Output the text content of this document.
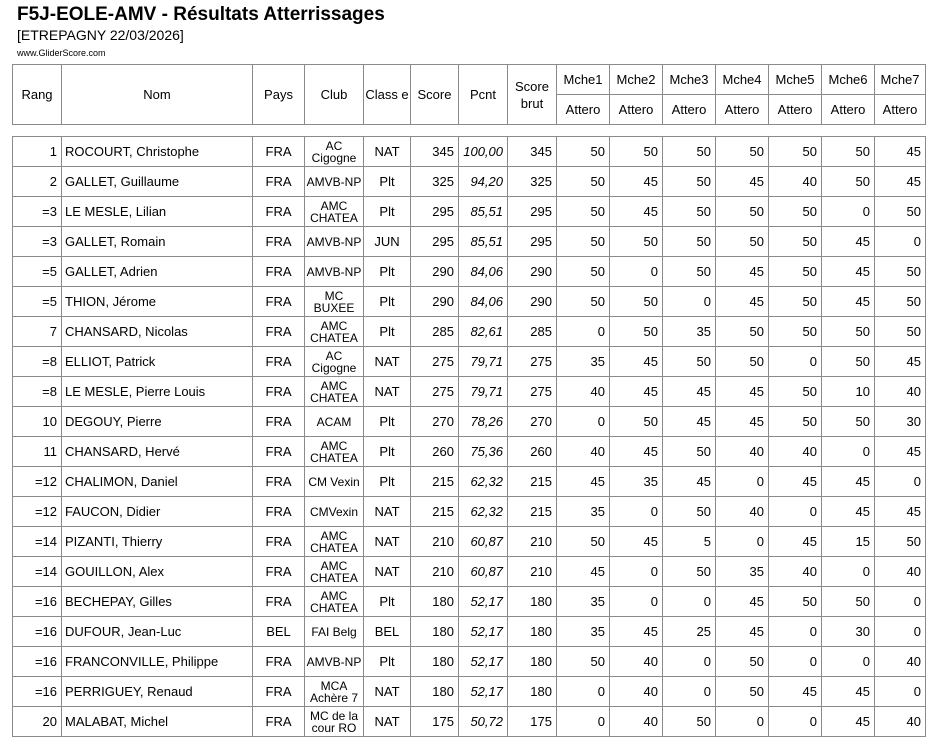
F5J-EOLE-AMV - Résultats Atterrissages
[ETREPAGNY 22/03/2026]
www.GliderScore.com
Rang	Nom	Pays	Club	Class e	Score	Pcnt	Score brut	Mche1	Mche2	Mche3	Mche4	Mche5	Mche6	Mche7
								Attero	Attero	Attero	Attero	Attero	Attero	Attero
1	ROCOURT, Christophe	FRA	AC Cigogne	NAT	345	100,00	345	50	50	50	50	50	50	45
2	GALLET, Guillaume	FRA	AMVB-NP	Plt	325	94,20	325	50	45	50	45	40	50	45
=3	LE MESLE, Lilian	FRA	AMC CHATEA	Plt	295	85,51	295	50	45	50	50	50	0	50
=3	GALLET, Romain	FRA	AMVB-NP	JUN	295	85,51	295	50	50	50	50	50	45	0
=5	GALLET, Adrien	FRA	AMVB-NP	Plt	290	84,06	290	50	0	50	45	50	45	50
=5	THION, Jérome	FRA	MC BUXEE	Plt	290	84,06	290	50	50	0	45	50	45	50
7	CHANSARD, Nicolas	FRA	AMC CHATEA	Plt	285	82,61	285	0	50	35	50	50	50	50
=8	ELLIOT, Patrick	FRA	AC Cigogne	NAT	275	79,71	275	35	45	50	50	0	50	45
=8	LE MESLE, Pierre Louis	FRA	AMC CHATEA	NAT	275	79,71	275	40	45	45	45	50	10	40
10	DEGOUY, Pierre	FRA	ACAM	Plt	270	78,26	270	0	50	45	45	50	50	30
11	CHANSARD, Hervé	FRA	AMC CHATEA	Plt	260	75,36	260	40	45	50	40	40	0	45
=12	CHALIMON, Daniel	FRA	CM Vexin	Plt	215	62,32	215	45	35	45	0	45	45	0
=12	FAUCON, Didier	FRA	CMVexin	NAT	215	62,32	215	35	0	50	40	0	45	45
=14	PIZANTI, Thierry	FRA	AMC CHATEA	NAT	210	60,87	210	50	45	5	0	45	15	50
=14	GOUILLON, Alex	FRA	AMC CHATEA	NAT	210	60,87	210	45	0	50	35	40	0	40
=16	BECHEPAY, Gilles	FRA	AMC CHATEA	Plt	180	52,17	180	35	0	0	45	50	50	0
=16	DUFOUR, Jean-Luc	BEL	FAI Belg	BEL	180	52,17	180	35	45	25	45	0	30	0
=16	FRANCONVILLE, Philippe	FRA	AMVB-NP	Plt	180	52,17	180	50	40	0	50	0	0	40
=16	PERRIGUEY, Renaud	FRA	MCA Achère 7	NAT	180	52,17	180	0	40	0	50	45	45	0
20	MALABAT, Michel	FRA	MC de la cour RO	NAT	175	50,72	175	0	40	50	0	0	45	40
